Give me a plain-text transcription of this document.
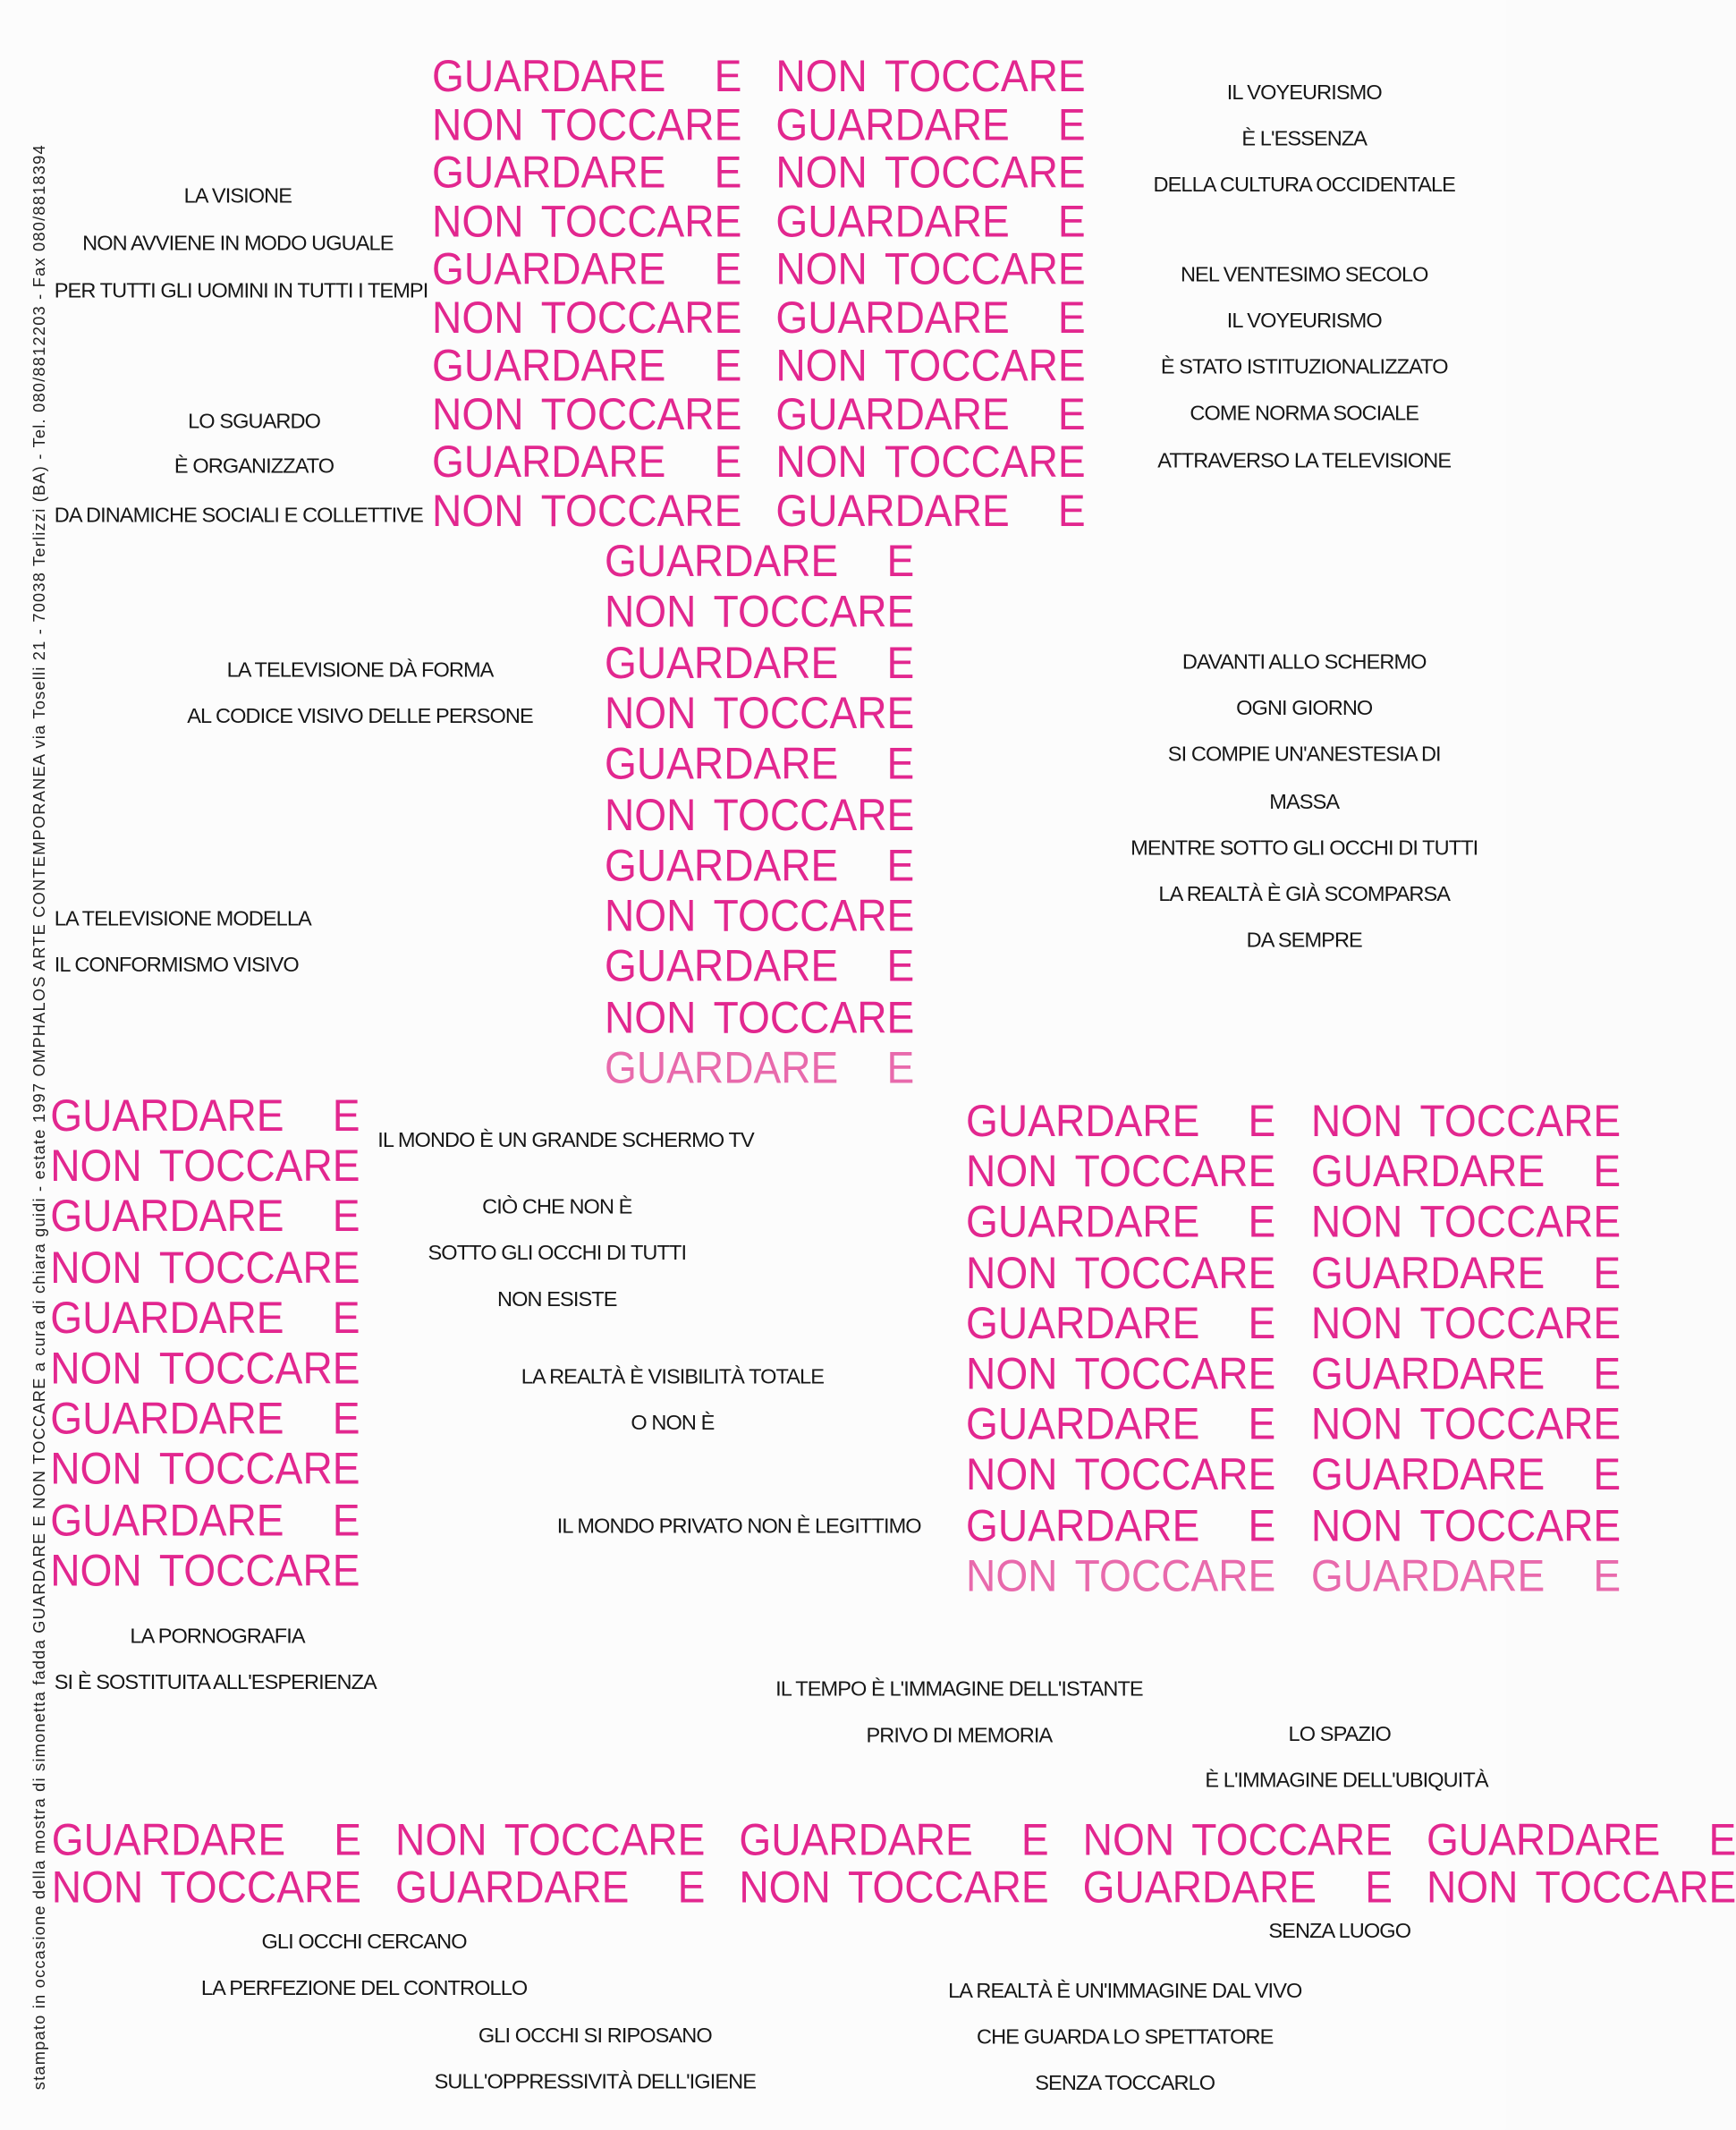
GUARDARE E NON TOCCARE
NON TOCCARE GUARDARE E
GUARDARE E NON TOCCARE
NON TOCCARE GUARDARE E
GUARDARE E NON TOCCARE
NON TOCCARE GUARDARE E
GUARDARE E NON TOCCARE
NON TOCCARE GUARDARE E
GUARDARE E NON TOCCARE
NON TOCCARE GUARDARE E
GUARDARE E
NON TOCCARE
GUARDARE E
NON TOCCARE
GUARDARE E
NON TOCCARE
GUARDARE E
NON TOCCARE
GUARDARE E
NON TOCCARE
GUARDARE E
GUARDARE E
NON TOCCARE
GUARDARE E
NON TOCCARE
GUARDARE E
NON TOCCARE
GUARDARE E
NON TOCCARE
GUARDARE E
NON TOCCARE
GUARDARE E NON TOCCARE
NON TOCCARE GUARDARE E
GUARDARE E NON TOCCARE
NON TOCCARE GUARDARE E
GUARDARE E NON TOCCARE
NON TOCCARE GUARDARE E
GUARDARE E NON TOCCARE
NON TOCCARE GUARDARE E
GUARDARE E NON TOCCARE
NON TOCCARE GUARDARE E
GUARDARE E NON TOCCARE GUARDARE E NON TOCCARE GUARDARE E
NON TOCCARE GUARDARE E NON TOCCARE GUARDARE E NON TOCCARE
stampato in occasione della mostra di simonetta fadda GUARDARE E NON TOCCARE a cura di chiara guidi - estate 1997 OMPHALOS ARTE CONTEMPORANEA via Toselli 21 - 70038 Terlizzi (BA) - Tel. 080/8812203 - Fax 080/8818394
IL VOYEURISMO
È L'ESSENZA
DELLA CULTURA OCCIDENTALE
LA VISIONE
NON AVVIENE IN MODO UGUALE
PER TUTTI GLI UOMINI IN TUTTI I TEMPI
NEL VENTESIMO SECOLO
IL VOYEURISMO
È STATO ISTITUZIONALIZZATO
COME NORMA SOCIALE
ATTRAVERSO LA TELEVISIONE
LO SGUARDO
È ORGANIZZATO
DA DINAMICHE SOCIALI E COLLETTIVE
LA TELEVISIONE DÀ FORMA
AL CODICE VISIVO DELLE PERSONE
DAVANTI ALLO SCHERMO
OGNI GIORNO
SI COMPIE UN'ANESTESIA DI
MASSA
MENTRE SOTTO GLI OCCHI DI TUTTI
LA REALTÀ È GIÀ SCOMPARSA
DA SEMPRE
LA TELEVISIONE MODELLA
IL CONFORMISMO VISIVO
IL MONDO È UN GRANDE SCHERMO TV
CIÒ CHE NON È
SOTTO GLI OCCHI DI TUTTI
NON ESISTE
LA REALTÀ È VISIBILITÀ TOTALE
O NON È
IL MONDO PRIVATO NON È LEGITTIMO
LA PORNOGRAFIA
SI È SOSTITUITA ALL'ESPERIENZA	IL TEMPO È L'IMMAGINE DELL'ISTANTE
PRIVO DI MEMORIA	LO SPAZIO
È L'IMMAGINE DELL'UBIQUITÀ
SENZA LUOGO
GLI OCCHI CERCANO
LA PERFEZIONE DEL CONTROLLO
GLI OCCHI SI RIPOSANO
SULL'OPPRESSIVITÀ DELL'IGIENE
LA REALTÀ È UN'IMMAGINE DAL VIVO
CHE GUARDA LO SPETTATORE
SENZA TOCCARLO
